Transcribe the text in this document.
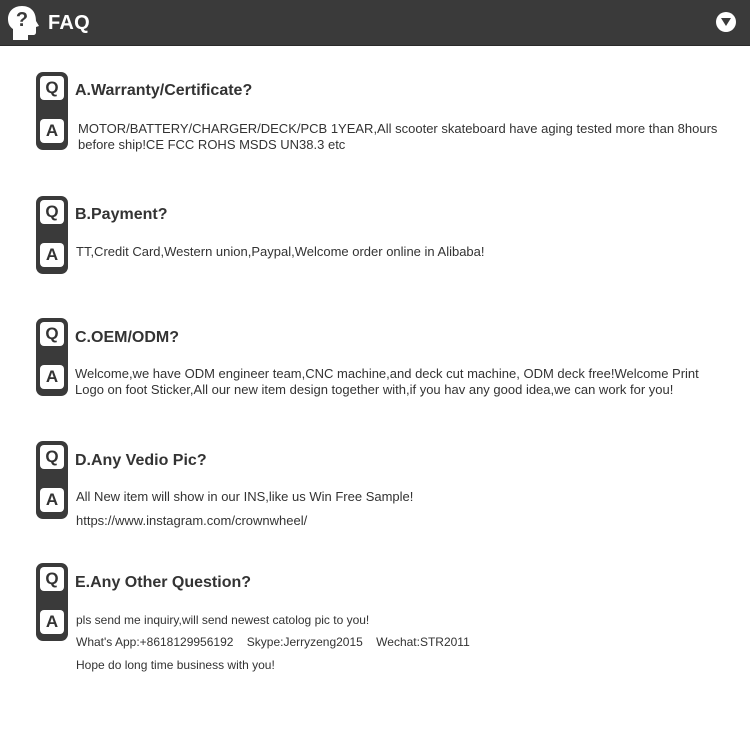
? FAQ
Q
A
A.Warranty/Certificate?
MOTOR/BATTERY/CHARGER/DECK/PCB 1YEAR,All scooter skateboard have aging tested more than 8hours
before ship!CE FCC ROHS MSDS UN38.3 etc
Q
A
B.Payment?
TT,Credit Card,Western union,Paypal,Welcome order online in Alibaba!
Q
A
C.OEM/ODM?
Welcome,we have ODM engineer team,CNC machine,and deck cut machine, ODM deck free!Welcome Print
Logo on foot Sticker,All our new item design together with,if you hav any good idea,we can work for you!
Q
A
D.Any Vedio Pic?
All New item will show in our INS,like us Win Free Sample!
https://www.instagram.com/crownwheel/
Q
A
E.Any Other Question?
pls send me inquiry,will send newest catolog pic to you!
What's App:+8618129956192    Skype:Jerryzeng2015    Wechat:STR2011
Hope do long time business with you!
